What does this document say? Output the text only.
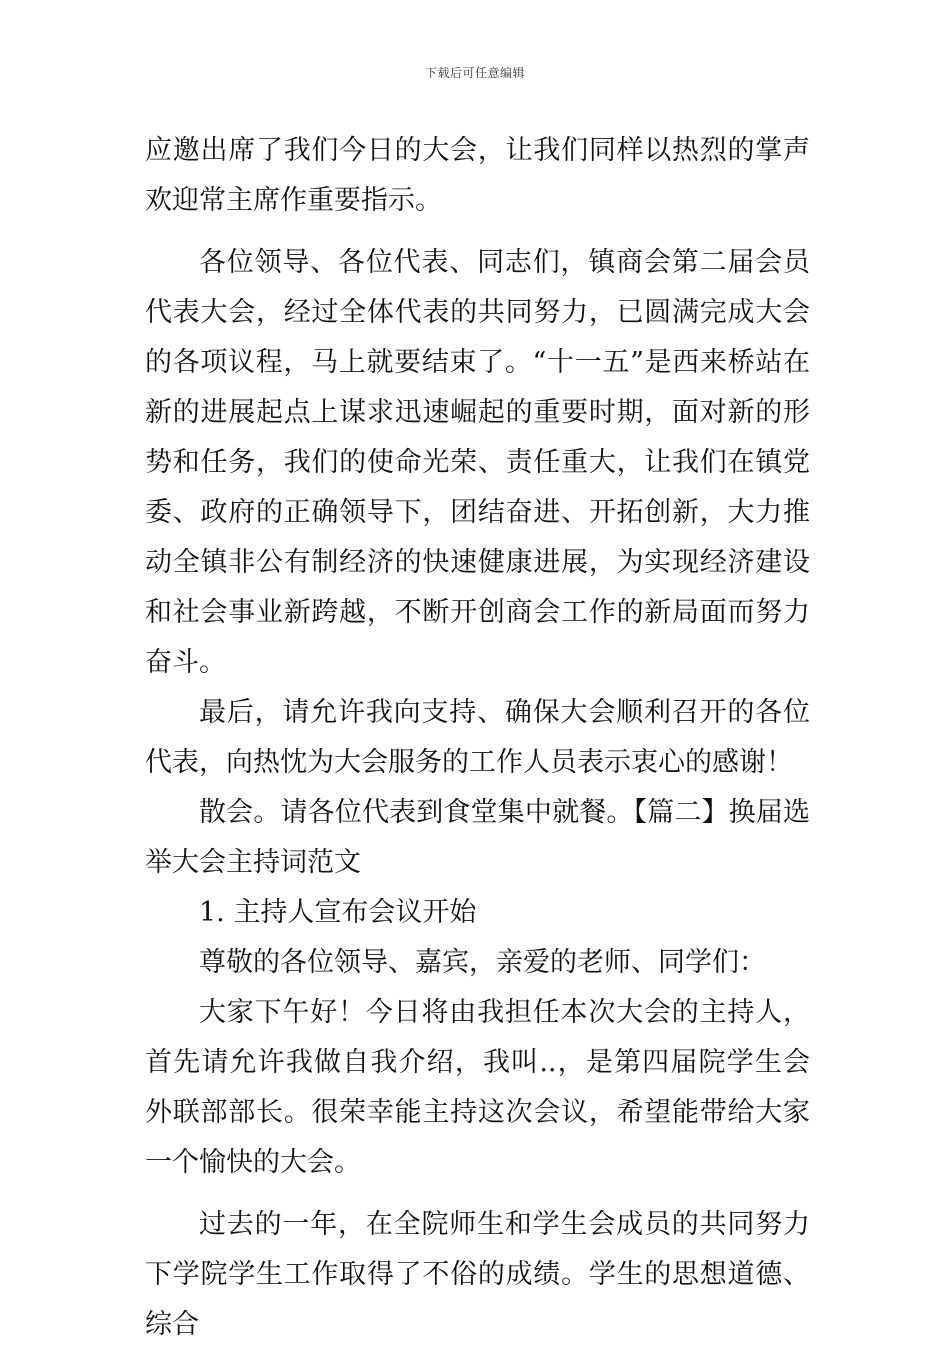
下载后可任意编辑

应邀出席了我们今日的大会，让我们同样以热烈的掌声欢迎常主席作重要指示。

各位领导、各位代表、同志们，镇商会第二届会员代表大会，经过全体代表的共同努力，已圆满完成大会的各项议程，马上就要结束了。“十一五”是西来桥站在新的进展起点上谋求迅速崛起的重要时期，面对新的形势和任务，我们的使命光荣、责任重大，让我们在镇党委、政府的正确领导下，团结奋进、开拓创新，大力推动全镇非公有制经济的快速健康进展，为实现经济建设和社会事业新跨越，不断开创商会工作的新局面而努力奋斗。

最后，请允许我向支持、确保大会顺利召开的各位代表，向热忱为大会服务的工作人员表示衷心的感谢！

散会。请各位代表到食堂集中就餐。【篇二】换届选举大会主持词范文

1. 主持人宣布会议开始

尊敬的各位领导、嘉宾，亲爱的老师、同学们：

大家下午好！今日将由我担任本次大会的主持人，首先请允许我做自我介绍，我叫..，是第四届院学生会外联部部长。很荣幸能主持这次会议，希望能带给大家一个愉快的大会。

过去的一年，在全院师生和学生会成员的共同努力下学院学生工作取得了不俗的成绩。学生的思想道德、综合
